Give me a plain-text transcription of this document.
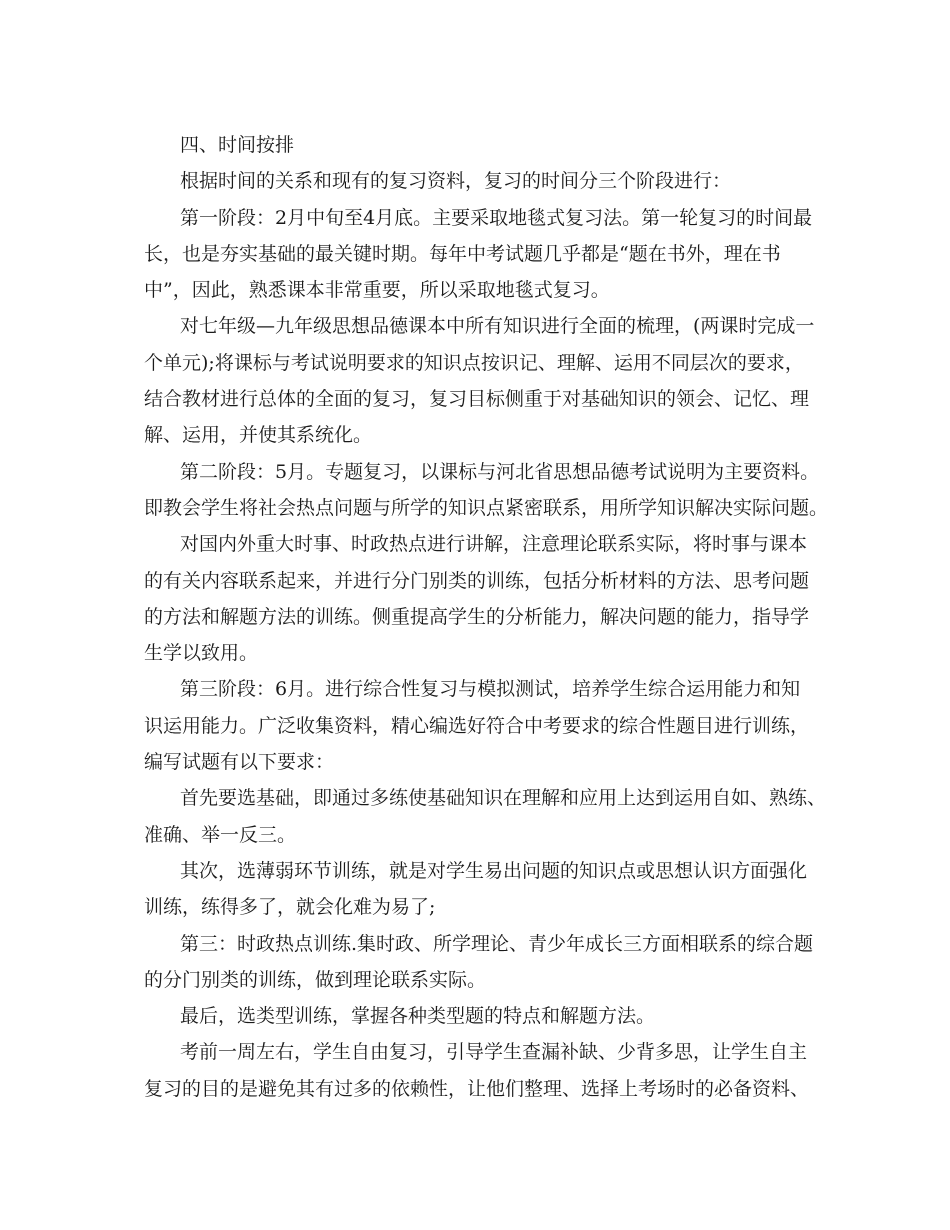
四、时间按排

根据时间的关系和现有的复习资料，复习的时间分三个阶段进行：

第一阶段：2月中旬至4月底。主要采取地毯式复习法。第一轮复习的时间最

长，也是夯实基础的最关键时期。每年中考试题几乎都是“题在书外，理在书

中”，因此，熟悉课本非常重要，所以采取地毯式复习。

对七年级—九年级思想品德课本中所有知识进行全面的梳理，(两课时完成一

个单元);将课标与考试说明要求的知识点按识记、理解、运用不同层次的要求，

结合教材进行总体的全面的复习，复习目标侧重于对基础知识的领会、记忆、理

解、运用，并使其系统化。

第二阶段：5月。专题复习，以课标与河北省思想品德考试说明为主要资料。

即教会学生将社会热点问题与所学的知识点紧密联系，用所学知识解决实际问题。

对国内外重大时事、时政热点进行讲解，注意理论联系实际，将时事与课本

的有关内容联系起来，并进行分门别类的训练，包括分析材料的方法、思考问题

的方法和解题方法的训练。侧重提高学生的分析能力，解决问题的能力，指导学

生学以致用。

第三阶段：6月。进行综合性复习与模拟测试，培养学生综合运用能力和知

识运用能力。广泛收集资料，精心编选好符合中考要求的综合性题目进行训练，

编写试题有以下要求：

首先要选基础，即通过多练使基础知识在理解和应用上达到运用自如、熟练、

准确、举一反三。

其次，选薄弱环节训练，就是对学生易出问题的知识点或思想认识方面强化

训练，练得多了，就会化难为易了;

第三：时政热点训练.集时政、所学理论、青少年成长三方面相联系的综合题

的分门别类的训练，做到理论联系实际。

最后，选类型训练，掌握各种类型题的特点和解题方法。

考前一周左右，学生自由复习，引导学生查漏补缺、少背多思，让学生自主

复习的目的是避免其有过多的依赖性，让他们整理、选择上考场时的必备资料、
